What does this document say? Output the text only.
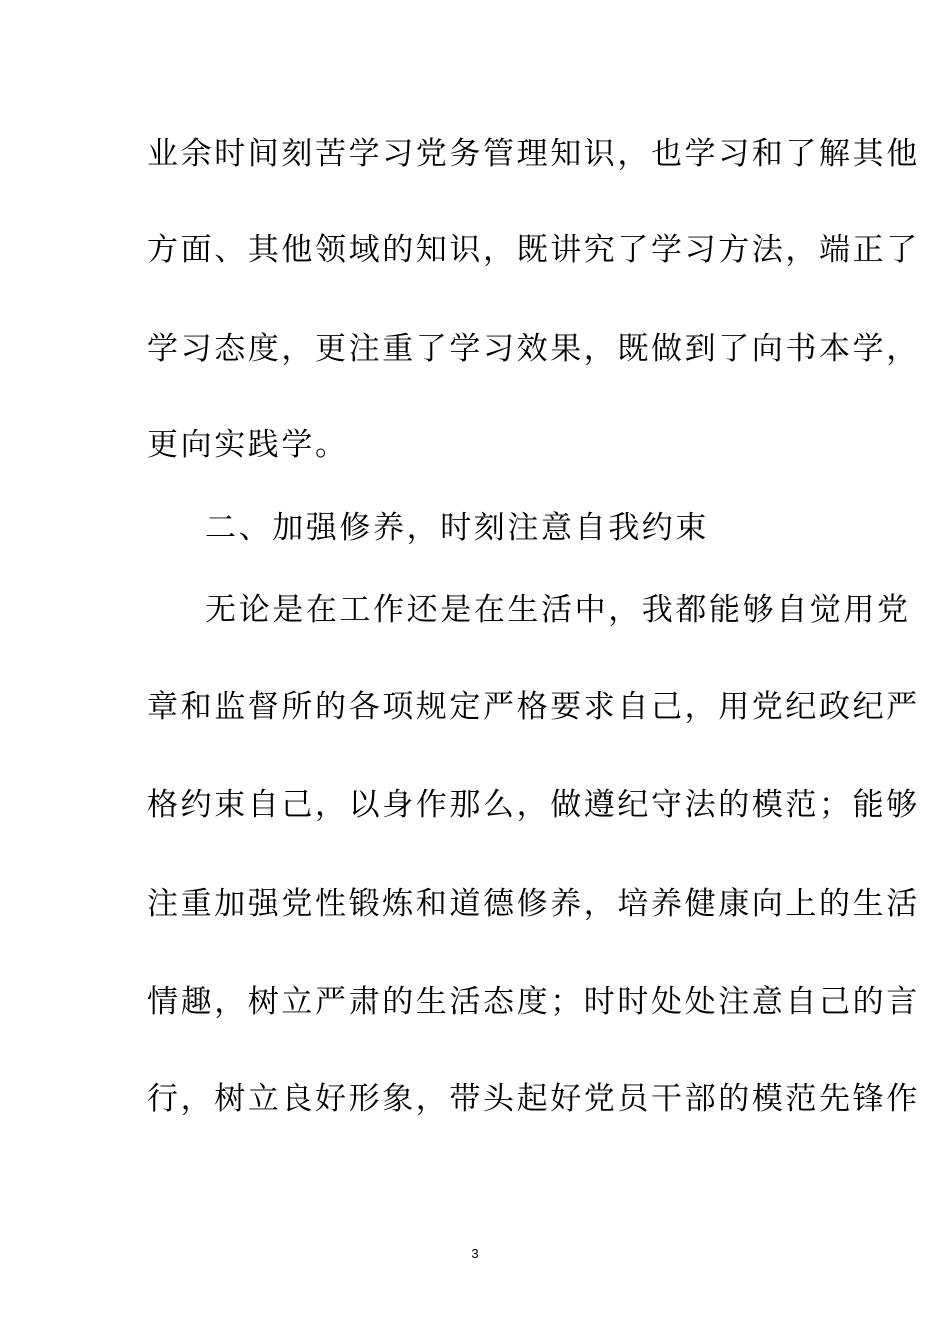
业余时间刻苦学习党务管理知识，也学习和了解其他
方面、其他领域的知识，既讲究了学习方法，端正了
学习态度，更注重了学习效果，既做到了向书本学，
更向实践学。
二、加强修养，时刻注意自我约束
无论是在工作还是在生活中，我都能够自觉用党
章和监督所的各项规定严格要求自己，用党纪政纪严
格约束自己，以身作那么，做遵纪守法的模范；能够
注重加强党性锻炼和道德修养，培养健康向上的生活
情趣，树立严肃的生活态度；时时处处注意自己的言
行，树立良好形象，带头起好党员干部的模范先锋作
3
